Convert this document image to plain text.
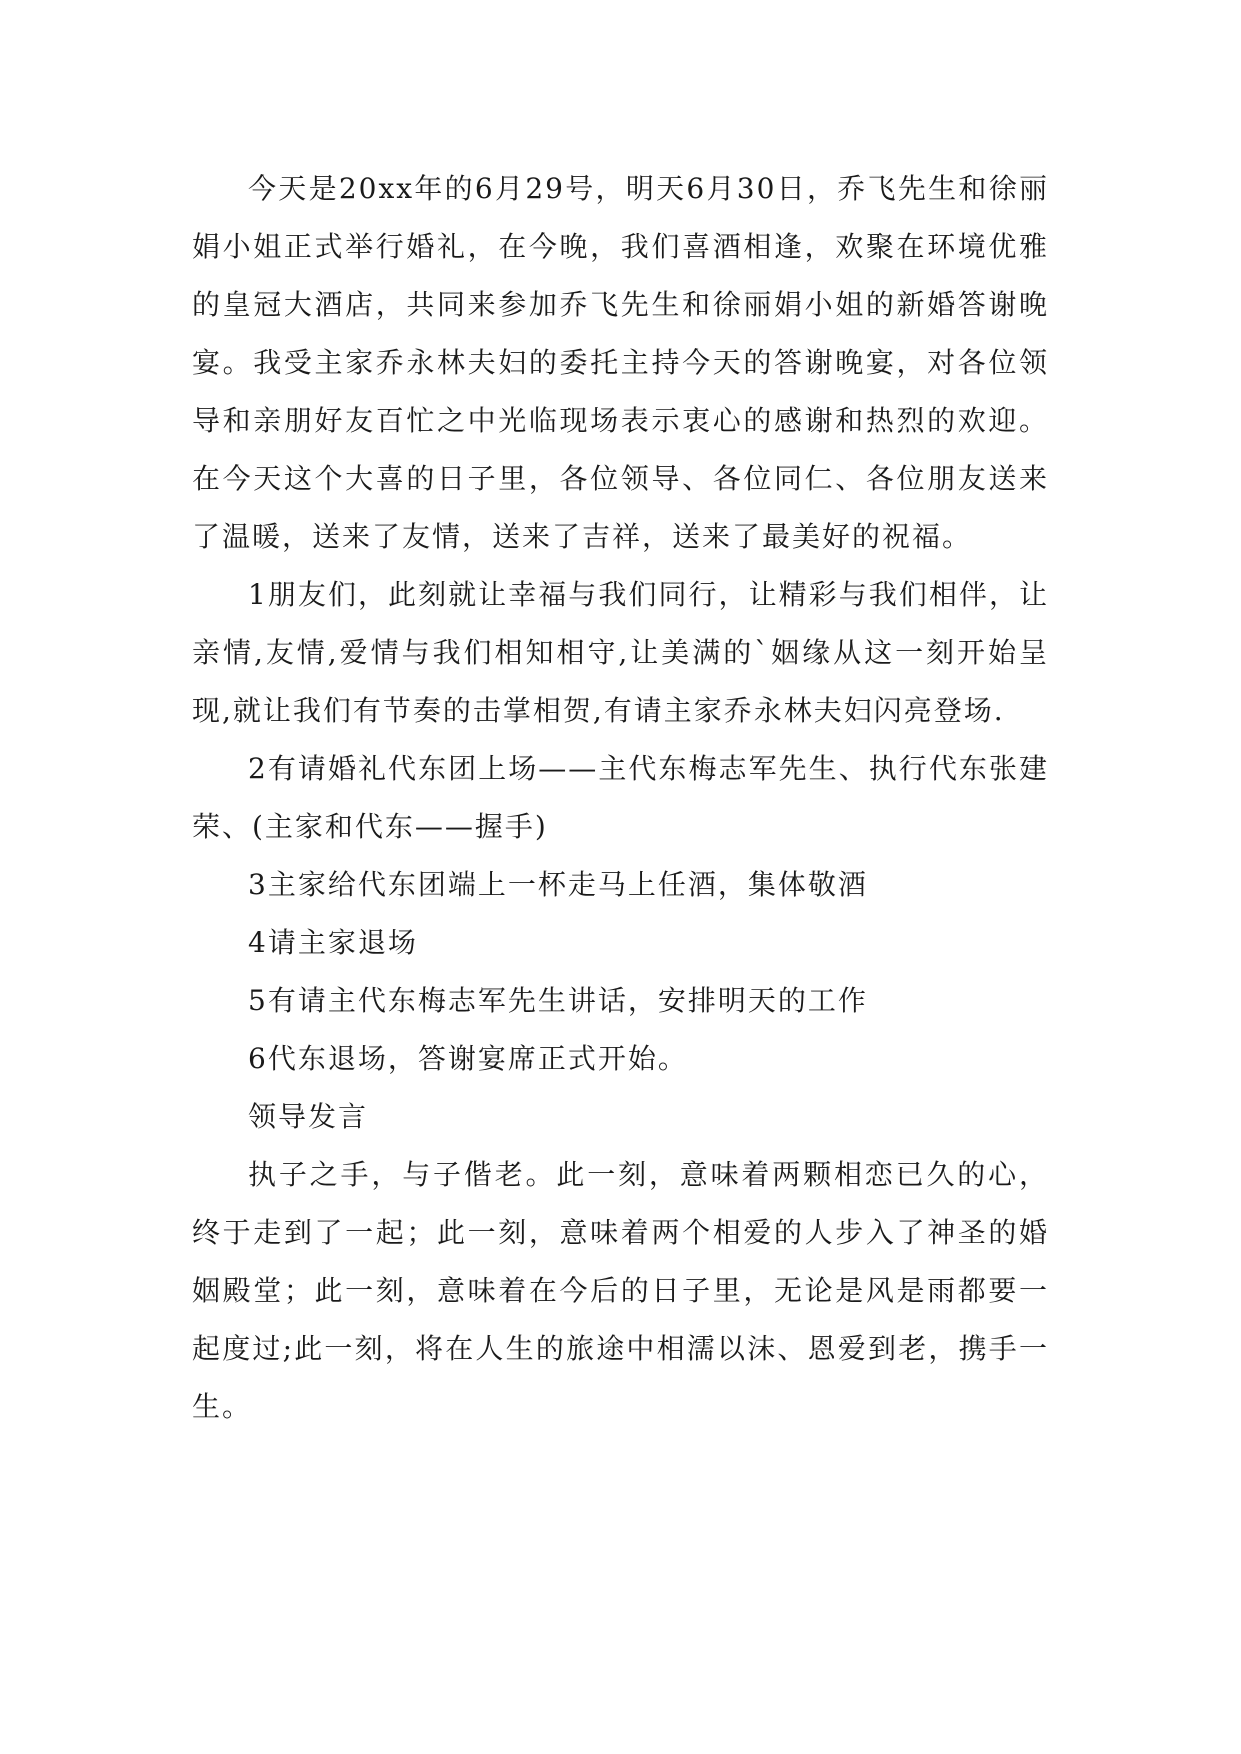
今天是20xx年的6月29号，明天6月30日，乔飞先生和徐丽娟小姐正式举行婚礼，在今晚，我们喜酒相逢，欢聚在环境优雅的皇冠大酒店，共同来参加乔飞先生和徐丽娟小姐的新婚答谢晚宴。我受主家乔永林夫妇的委托主持今天的答谢晚宴，对各位领导和亲朋好友百忙之中光临现场表示衷心的感谢和热烈的欢迎。在今天这个大喜的日子里，各位领导、各位同仁、各位朋友送来了温暖，送来了友情，送来了吉祥，送来了最美好的祝福。

1朋友们，此刻就让幸福与我们同行，让精彩与我们相伴，让亲情,友情,爱情与我们相知相守,让美满的`姻缘从这一刻开始呈现,就让我们有节奏的击掌相贺,有请主家乔永林夫妇闪亮登场.

2有请婚礼代东团上场——主代东梅志军先生、执行代东张建荣、(主家和代东——握手)

3主家给代东团端上一杯走马上任酒，集体敬酒

4请主家退场

5有请主代东梅志军先生讲话，安排明天的工作

6代东退场，答谢宴席正式开始。

领导发言

执子之手，与子偕老。此一刻，意味着两颗相恋已久的心，终于走到了一起；此一刻，意味着两个相爱的人步入了神圣的婚姻殿堂；此一刻，意味着在今后的日子里，无论是风是雨都要一起度过;此一刻，将在人生的旅途中相濡以沫、恩爱到老，携手一生。
